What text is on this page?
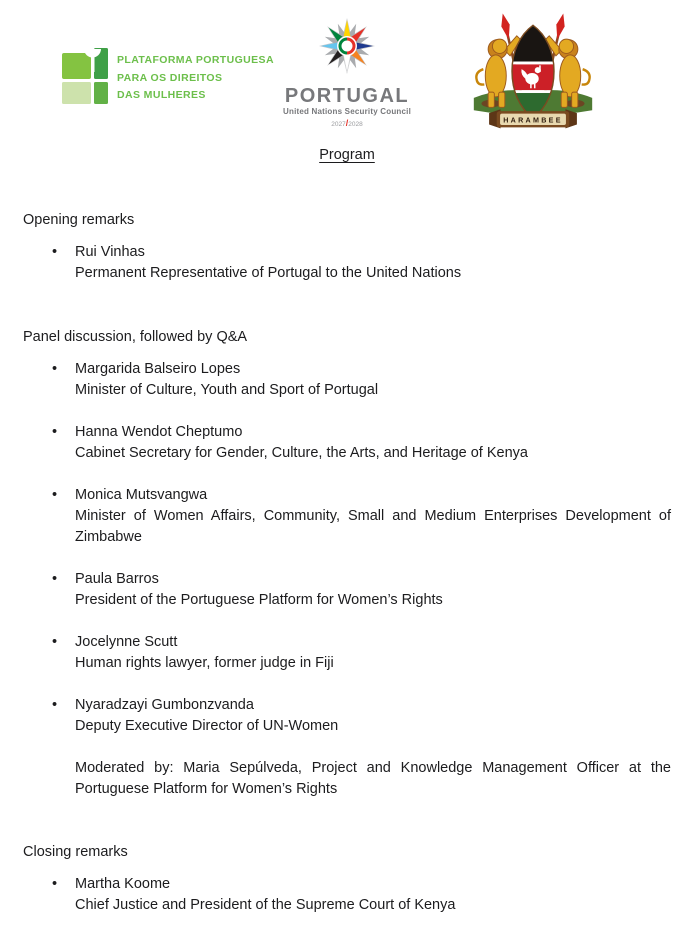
PLATAFORMA PORTUGUESA
PARA OS DIREITOS
DAS MULHERES	PORTUGAL
United Nations Security Council
2027/2028	HARAMBEE

Program

Opening remarks
• Rui Vinhas
Permanent Representative of Portugal to the United Nations
Panel discussion, followed by Q&A
• Margarida Balseiro Lopes
Minister of Culture, Youth and Sport of Portugal
• Hanna Wendot Cheptumo
Cabinet Secretary for Gender, Culture, the Arts, and Heritage of Kenya
• Monica Mutsvangwa
Minister of Women Affairs, Community, Small and Medium Enterprises Development of Zimbabwe
• Paula Barros
President of the Portuguese Platform for Women’s Rights
• Jocelynne Scutt
Human rights lawyer, former judge in Fiji
• Nyaradzayi Gumbonzvanda
Deputy Executive Director of UN-Women
Moderated by: Maria Sepúlveda, Project and Knowledge Management Officer at the Portuguese Platform for Women’s Rights
Closing remarks
• Martha Koome
Chief Justice and President of the Supreme Court of Kenya
